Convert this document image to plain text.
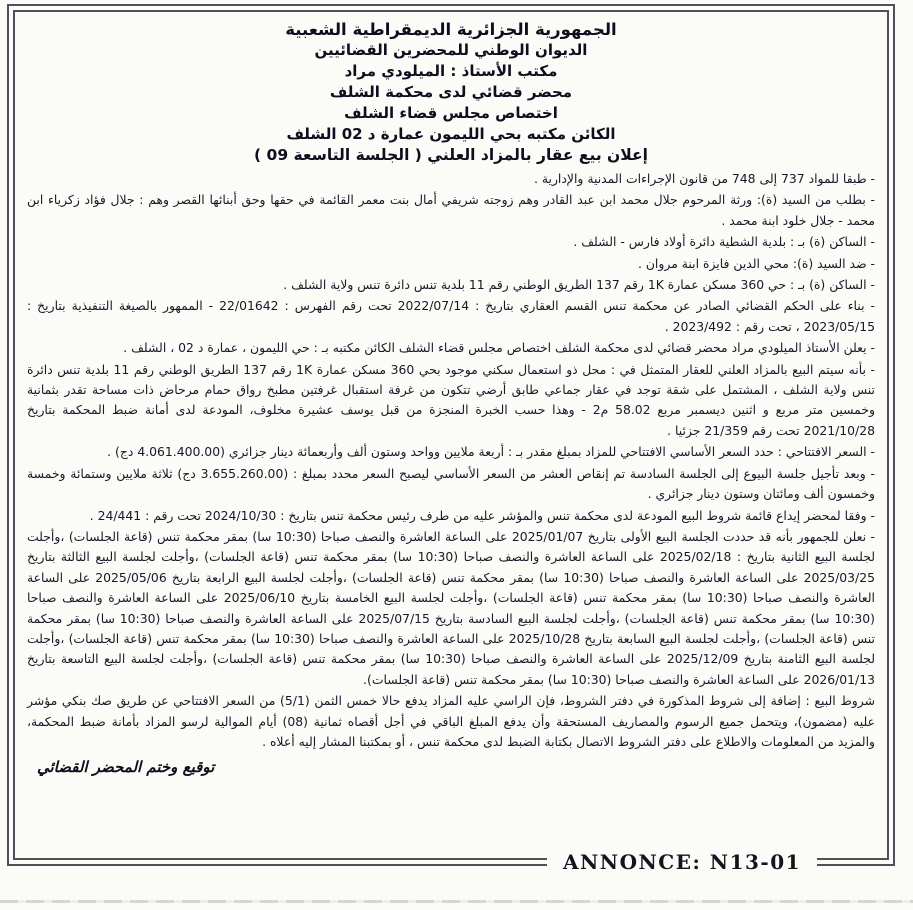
الجمهورية الجزائرية الديمقراطية الشعبية
الديوان الوطني للمحضرين القضائيين
مكتب الأستاذ : الميلودي مراد
محضر قضائي لدى محكمة الشلف
اختصاص مجلس قضاء الشلف
الكائن مكتبه بحي الليمون عمارة د 02 الشلف
إعلان بيع عقار بالمزاد العلني ( الجلسة التاسعة 09 )

- طبقا للمواد 737 إلى 748 من قانون الإجراءات المدنية والإدارية .

- بطلب من السيد (ة): ورثة المرحوم جلال محمد ابن عبد القادر وهم زوجته شريفي أمال بنت معمر القائمة في حقها وحق أبنائها القصر وهم : جلال فؤاد زكرياء ابن محمد - جلال خلود ابنة محمد .

- الساكن (ة) بـ : بلدية الشطية دائرة أولاد فارس - الشلف .

- ضد السيد (ة): محي الدين فايزة ابنة مروان .

- الساكن (ة) بـ : حي 360 مسكن عمارة 1K رقم 137 الطريق الوطني رقم 11 بلدية تنس دائرة تنس ولاية الشلف .

- بناء على الحكم القضائي الصادر عن محكمة تنس القسم العقاري بتاريخ : 2022/07/14 تحت رقم الفهرس : 22/01642 - الممهور بالصيغة التنفيذية بتاريخ : 2023/05/15 ، تحت رقم : 2023/492 .

- يعلن الأستاذ الميلودي مراد محضر قضائي لدى محكمة الشلف اختصاص مجلس قضاء الشلف الكائن مكتبه بـ : حي الليمون ، عمارة د 02 ، الشلف .

- بأنه سيتم البيع بالمزاد العلني للعقار المتمثل في : محل ذو استعمال سكني موجود بحي 360 مسكن عمارة 1K رقم 137 الطريق الوطني رقم 11 بلدية تنس دائرة تنس ولاية الشلف ، المشتمل على شقة توجد في عقار جماعي طابق أرضي تتكون من غرفة استقبال غرفتين مطبخ رواق حمام مرحاض ذات مساحة تقدر بثمانية وخمسين متر مربع و اثنين ديسمبر مربع 58.02 م2 - وهذا حسب الخبرة المنجزة من قبل يوسف عشيرة مخلوف، المودعة لدى أمانة ضبط المحكمة بتاريخ 2021/10/28 تحت رقم 21/359 جزئيا .

- السعر الافتتاحي : حدد السعر الأساسي الافتتاحي للمزاد بمبلغ مقدر بـ : أربعة ملايين وواحد وستون ألف وأربعمائة دينار جزائري (4.061.400.00 دج) .

- وبعد تأجيل جلسة البيوع إلى الجلسة السادسة تم إنقاص العشر من السعر الأساسي ليصبح السعر محدد بمبلغ : (3.655.260.00 دج) ثلاثة ملايين وستمائة وخمسة وخمسون ألف ومائتان وستون دينار جزائري .

- وفقا لمحضر إيداع قائمة شروط البيع المودعة لدى محكمة تنس والمؤشر عليه من طرف رئيس محكمة تنس بتاريخ : 2024/10/30 تحت رقم : 24/441 .

- نعلن للجمهور بأنه قد حددت الجلسة البيع الأولى بتاريخ 2025/01/07 على الساعة العاشرة والنصف صباحا (10:30 سا) بمقر محكمة تنس (قاعة الجلسات) ،وأجلت لجلسة البيع الثانية بتاريخ : 2025/02/18 على الساعة العاشرة والنصف صباحا (10:30 سا) بمقر محكمة تنس (قاعة الجلسات) ،وأجلت لجلسة البيع الثالثة بتاريخ 2025/03/25 على الساعة العاشرة والنصف صباحا (10:30 سا) بمقر محكمة تنس (قاعة الجلسات) ،وأجلت لجلسة البيع الرابعة بتاريخ 2025/05/06 على الساعة العاشرة والنصف صباحا (10:30 سا) بمقر محكمة تنس (قاعة الجلسات) ،وأجلت لجلسة البيع الخامسة بتاريخ 2025/06/10 على الساعة العاشرة والنصف صباحا (10:30 سا) بمقر محكمة تنس (قاعة الجلسات) ،وأجلت لجلسة البيع السادسة بتاريخ 2025/07/15 على الساعة العاشرة والنصف صباحا (10:30 سا) بمقر محكمة تنس (قاعة الجلسات) ،وأجلت لجلسة البيع السابعة بتاريخ 2025/10/28 على الساعة العاشرة والنصف صباحا (10:30 سا) بمقر محكمة تنس (قاعة الجلسات) ،وأجلت لجلسة البيع الثامنة بتاريخ 2025/12/09 على الساعة العاشرة والنصف صباحا (10:30 سا) بمقر محكمة تنس (قاعة الجلسات) ،وأجلت لجلسة البيع التاسعة بتاريخ 2026/01/13 على الساعة العاشرة والنصف صباحا (10:30 سا) بمقر محكمة تنس (قاعة الجلسات).

شروط البيع : إضافة إلى شروط المذكورة في دفتر الشروط، فإن الراسي عليه المزاد يدفع حالا خمس الثمن (5/1) من السعر الافتتاحي عن طريق صك بنكي مؤشر عليه (مضمون)، ويتحمل جميع الرسوم والمصاريف المستحقة وأن يدفع المبلغ الباقي في أجل أقصاه ثمانية (08) أيام الموالية لرسو المزاد بأمانة ضبط المحكمة، والمزيد من المعلومات والاطلاع على دفتر الشروط الاتصال بكتابة الضبط لدى محكمة تنس ، أو بمكتبنا المشار إليه أعلاه .

توقيع وختم المحضر القضائي
ANNONCE: N13-01
